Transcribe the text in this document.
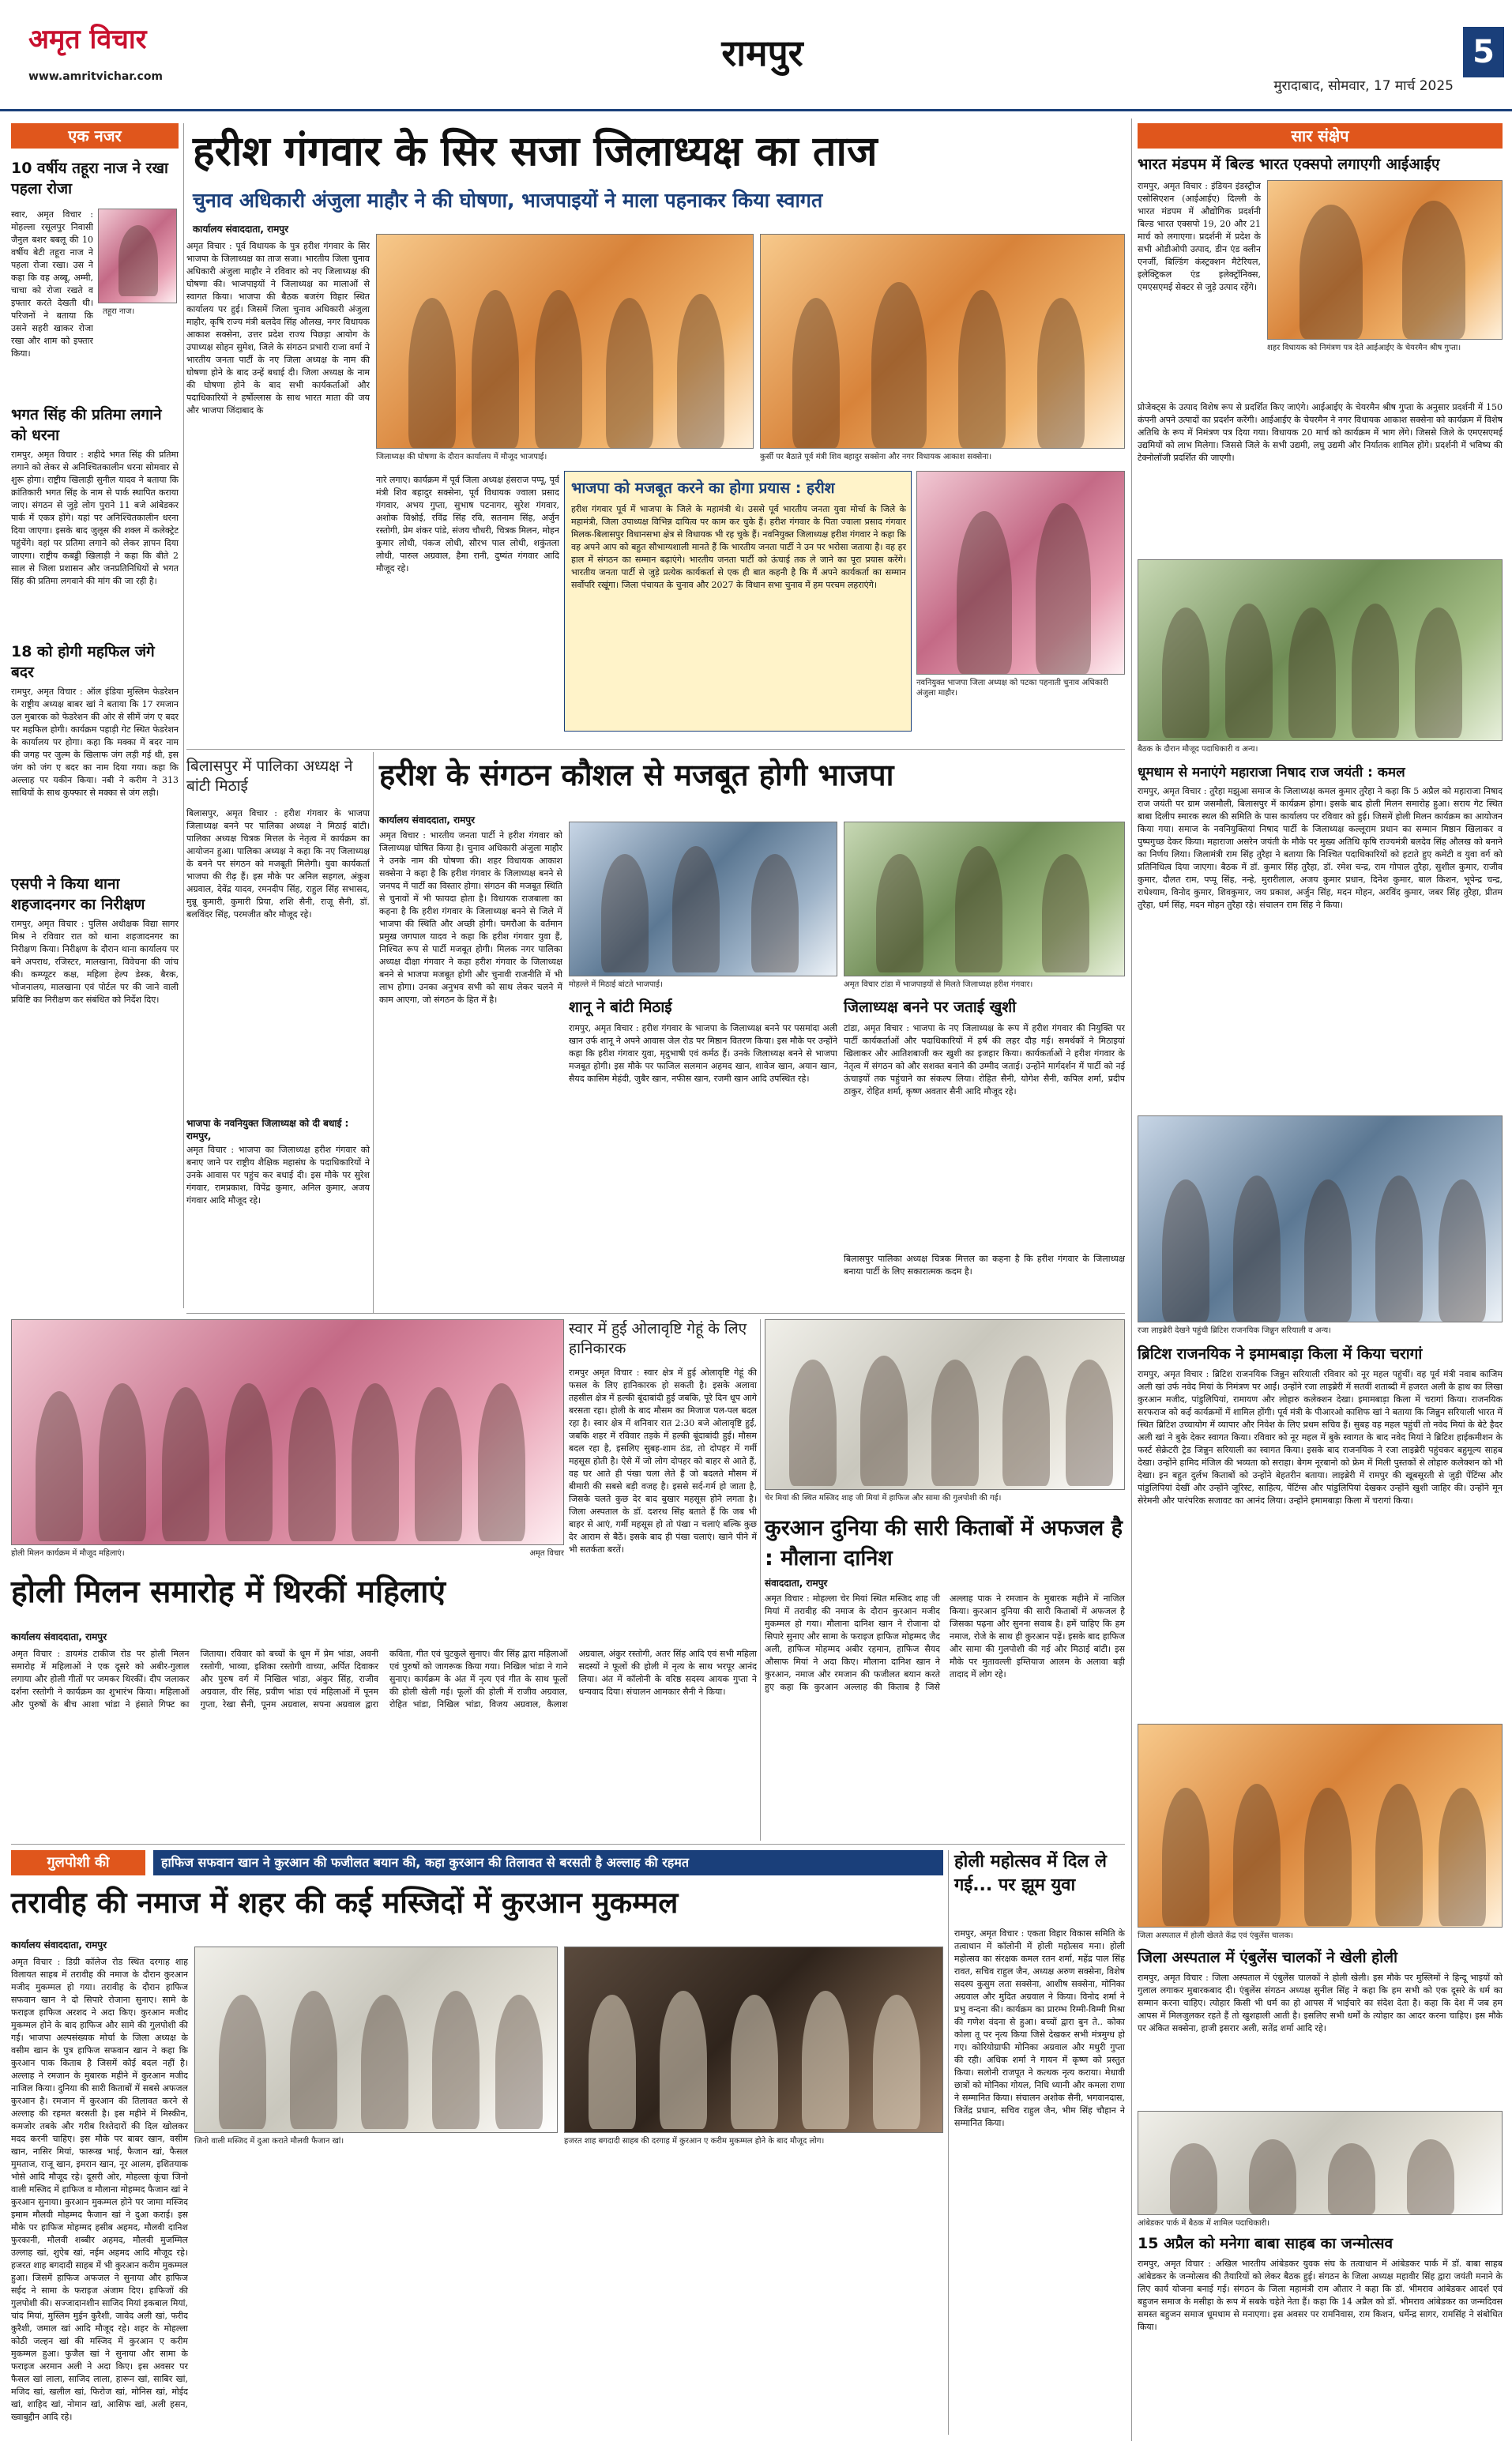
अमृत विचार
www.amritvichar.com
रामपुर
मुरादाबाद, सोमवार, 17 मार्च 2025
5
एक नजर
10 वर्षीय तहूरा नाज ने रखा पहला रोजा
तहूरा नाज।
स्वार, अमृत विचार : मोहल्ला रसूलपुर निवासी जैनुल बशर बबलू की 10 वर्षीय बेटी तहूरा नाज ने पहला रोजा रखा। उस ने कहा कि वह अब्बू, अम्मी, चाचा को रोजा रखते व इफ्तार करते देखती थी। परिजनों ने बताया कि उसने सहरी खाकर रोजा रखा और शाम को इफ्तार किया।
भगत सिंह की प्रतिमा लगाने को धरना
रामपुर, अमृत विचार : शहीदे भगत सिंह की प्रतिमा लगाने को लेकर से अनिश्चितकालीन धरना सोमवार से शुरू होगा। राष्ट्रीय खिलाड़ी सुनील यादव ने बताया कि क्रांतिकारी भगत सिंह के नाम से पार्क स्थापित कराया जाए। संगठन से जुड़े लोग पुराने 11 बजे आंबेडकर पार्क में एकत्र होंगे। यहां पर अनिश्चितकालीन धरना दिया जाएगा। इसके बाद जुलूस की शक्ल में कलेक्ट्रेट पहुंचेंगे। वहां पर प्रतिमा लगाने को लेकर ज्ञापन दिया जाएगा। राष्ट्रीय कबड्डी खिलाड़ी ने कहा कि बीते 2 साल से जिला प्रशासन और जनप्रतिनिधियों से भगत सिंह की प्रतिमा लगवाने की मांग की जा रही है।
18 को होगी महफिल जंगे बदर
रामपुर, अमृत विचार : ऑल इंडिया मुस्लिम फेडरेशन के राष्ट्रीय अध्यक्ष बाबर खां ने बताया कि 17 रमजान उल मुबारक को फेडरेशन की ओर से सीमें जंग ए बदर पर महफिल होगी। कार्यक्रम पहाड़ी गेट स्थित फेडरेशन के कार्यालय पर होगा। कहा कि मक्का में बदर नाम की जगह पर जुल्म के खिलाफ जंग लड़ी गई थी, इस जंग को जंग ए बदर का नाम दिया गया। कहा कि अल्लाह पर यकीन किया। नबी ने करीम ने 313 साथियों के साथ कुफ्फार से मक्का से जंग लड़ी।
एसपी ने किया थाना शहजादनगर का निरीक्षण
रामपुर, अमृत विचार : पुलिस अधीक्षक विद्या सागर मिश्र ने रविवार रात को थाना शहजादनगर का निरीक्षण किया। निरीक्षण के दौरान थाना कार्यालय पर बने अपराध, रजिस्टर, मालखाना, विवेचना की जांच की। कम्प्यूटर कक्ष, महिला हेल्प डेस्क, बैरक, भोजनालय, मालखाना एवं पोर्टल पर की जाने वाली प्रविष्टि का निरीक्षण कर संबंधित को निर्देश दिए।
हरीश गंगवार के सिर सजा जिलाध्यक्ष का ताज
चुनाव अधिकारी अंजुला माहौर ने की घोषणा, भाजपाइयों ने माला पहनाकर किया स्वागत
कार्यालय संवाददाता, रामपुर
अमृत विचार : पूर्व विधायक के पुत्र हरीश गंगवार के सिर भाजपा के जिलाध्यक्ष का ताज सजा। भारतीय जिला चुनाव अधिकारी अंजुला माहौर ने रविवार को नए जिलाध्यक्ष की घोषणा की। भाजपाइयों ने जिलाध्यक्ष का मालाओं से स्वागत किया। भाजपा की बैठक बजरंग विहार स्थित कार्यालय पर हुई। जिसमें जिला चुनाव अधिकारी अंजुला माहौर, कृषि राज्य मंत्री बलदेव सिंह औलख, नगर विधायक आकाश सक्सेना, उत्तर प्रदेश राज्य पिछड़ा आयोग के उपाध्यक्ष सोहन सुमेश, जिले के संगठन प्रभारी राजा वर्मा ने भारतीय जनता पार्टी के नए जिला अध्यक्ष के नाम की घोषणा होने के बाद उन्हें बधाई दी। जिला अध्यक्ष के नाम की घोषणा होने के बाद सभी कार्यकर्ताओं और पदाधिकारियों ने हर्षोल्लास के साथ भारत माता की जय और भाजपा जिंदाबाद के
जिलाध्यक्ष की घोषणा के दौरान कार्यालय में मौजूद भाजपाई।	कुर्सी पर बैठाते पूर्व मंत्री शिव बहादुर सक्सेना और नगर विधायक आकाश सक्सेना।
नारे लगाए। कार्यक्रम में पूर्व जिला अध्यक्ष हंसराज पप्पू, पूर्व मंत्री शिव बहादुर सक्सेना, पूर्व विधायक ज्वाला प्रसाद गंगवार, अभय गुप्ता, सुभाष पटनागर, सुरेश गंगवार, अशोक विश्नोई, रविंद्र सिंह रवि, सतनाम सिंह, अर्जुन रस्तोगी, प्रेम शंकर पांडे, संजय चौधरी, चित्रक मिलन, मोहन कुमार लोधी, पंकज लोधी, सौरभ पाल लोधी, शकुंतला लोधी, पारुल अग्रवाल, हैमा रानी, दुष्यंत गंगवार आदि मौजूद रहे।
भाजपा को मजबूत करने का होगा प्रयास : हरीश
हरीश गंगवार पूर्व में भाजपा के जिले के महामंत्री थे। उससे पूर्व भारतीय जनता युवा मोर्चा के जिले के महामंत्री, जिला उपाध्यक्ष विभिन्न दायित्व पर काम कर चुके हैं। हरीश गंगवार के पिता ज्वाला प्रसाद गंगवार मिलक-बिलासपुर विधानसभा क्षेत्र से विधायक भी रह चुके हैं। नवनियुक्त जिलाध्यक्ष हरीश गंगवार ने कहा कि वह अपने आप को बहुत सौभाग्यशाली मानते हैं कि भारतीय जनता पार्टी ने उन पर भरोसा जताया है। वह हर हाल में संगठन का सम्मान बढ़ाएंगे। भारतीय जनता पार्टी को ऊंचाई तक ले जाने का पूरा प्रयास करेंगे। भारतीय जनता पार्टी से जुड़े प्रत्येक कार्यकर्ता से एक ही बात कहनी है कि मैं अपने कार्यकर्ता का सम्मान सर्वोपरि रखूंगा। जिला पंचायत के चुनाव और 2027 के विधान सभा चुनाव में हम परचम लहराएंगे।
नवनियुक्त भाजपा जिला अध्यक्ष को पटका पहनाती चुनाव अधिकारी अंजुला माहौर।
बिलासपुर में पालिका अध्यक्ष ने बांटी मिठाई
बिलासपुर, अमृत विचार : हरीश गंगवार के भाजपा जिलाध्यक्ष बनने पर पालिका अध्यक्ष ने मिठाई बांटी। पालिका अध्यक्ष चित्रक मित्तल के नेतृत्व में कार्यक्रम का आयोजन हुआ। पालिका अध्यक्ष ने कहा कि नए जिलाध्यक्ष के बनने पर संगठन को मजबूती मिलेगी। युवा कार्यकर्ता भाजपा की रीढ़ हैं। इस मौके पर अनिल सहगल, अंकुश अग्रवाल, देवेंद्र यादव, रमनदीप सिंह, राहुल सिंह सभासद, मुन्नू कुमारी, कुमारी प्रिया, शशि सैनी, राजू सैनी, डॉ. बलविंदर सिंह, परमजीत कौर मौजूद रहे।
भाजपा के नवनियुक्त जिलाध्यक्ष को दी बधाई : रामपुर,
अमृत विचार : भाजपा का जिलाध्यक्ष हरीश गंगवार को बनाए जाने पर राष्ट्रीय शैक्षिक महासंघ के पदाधिकारियों ने उनके आवास पर पहुंच कर बधाई दी। इस मौके पर सुरेश गंगवार, रामप्रकाश, विपेंद्र कुमार, अनिल कुमार, अजय गंगवार आदि मौजूद रहे।
हरीश के संगठन कौशल से मजबूत होगी भाजपा
कार्यालय संवाददाता, रामपुर
अमृत विचार : भारतीय जनता पार्टी ने हरीश गंगवार को जिलाध्यक्ष घोषित किया है। चुनाव अधिकारी अंजुला माहौर ने उनके नाम की घोषणा की। शहर विधायक आकाश सक्सेना ने कहा है कि हरीश गंगवार के जिलाध्यक्ष बनने से जनपद में पार्टी का विस्तार होगा। संगठन की मजबूत स्थिति से चुनावों में भी फायदा होता है। विधायक राजबाला का कहना है कि हरीश गंगवार के जिलाध्यक्ष बनने से जिले में भाजपा की स्थिति और अच्छी होगी। चमरौआ के वर्तमान प्रमुख जगपाल यादव ने कहा कि हरीश गंगवार युवा हैं, निश्चित रूप से पार्टी मजबूत होगी। मिलक नगर पालिका अध्यक्ष दीक्षा गंगवार ने कहा हरीश गंगवार के जिलाध्यक्ष बनने से भाजपा मजबूत होगी और चुनावी राजनीति में भी लाभ होगा। उनका अनुभव सभी को साथ लेकर चलने में काम आएगा, जो संगठन के हित में है।
मोहल्ले में मिठाई बांटते भाजपाई।	अमृत विचार टांडा में भाजपाइयों से मिलते जिलाध्यक्ष हरीश गंगवार।
शानू ने बांटी मिठाई
रामपुर, अमृत विचार : हरीश गंगवार के भाजपा के जिलाध्यक्ष बनने पर पसमांदा अली खान उर्फ शानू ने अपने आवास जेल रोड पर मिष्ठान वितरण किया। इस मौके पर उन्होंने कहा कि हरीश गंगवार युवा, मृदुभाषी एवं कर्मठ हैं। उनके जिलाध्यक्ष बनने से भाजपा मजबूत होगी। इस मौके पर फाजिल सलमान अहमद खान, शावेज खान, अयान खान, सैयद कासिम मेहंदी, जुबैर खान, नफीस खान, रजमी खान आदि उपस्थित रहे।
जिलाध्यक्ष बनने पर जताई खुशी
टांडा, अमृत विचार : भाजपा के नए जिलाध्यक्ष के रूप में हरीश गंगवार की नियुक्ति पर पार्टी कार्यकर्ताओं और पदाधिकारियों में हर्ष की लहर दौड़ गई। समर्थकों ने मिठाइयां खिलाकर और आतिशबाजी कर खुशी का इजहार किया। कार्यकर्ताओं ने हरीश गंगवार के नेतृत्व में संगठन को और सशक्त बनाने की उम्मीद जताई। उन्होंने मार्गदर्शन में पार्टी को नई ऊंचाइयों तक पहुंचाने का संकल्प लिया। रोहित सैनी, योगेश सैनी, कपिल शर्मा, प्रदीप ठाकुर, रोहित शर्मा, कृष्ण अवतार सैनी आदि मौजूद रहे।
बिलासपुर पालिका अध्यक्ष चित्रक मित्तल का कहना है कि हरीश गंगवार के जिलाध्यक्ष बनाया पार्टी के लिए सकारात्मक कदम है।
होली मिलन कार्यक्रम में मौजूद महिलाएं।	अमृत विचार
होली मिलन समारोह में थिरकीं महिलाएं
कार्यालय संवाददाता, रामपुर
अमृत विचार : डायमंड टाकीज रोड पर होली मिलन समारोह में महिलाओं ने एक दूसरे को अबीर-गुलाल लगाया और होली गीतों पर जमकर थिरकीं। दीप जलाकर दर्शना रस्तोगी ने कार्यक्रम का शुभारंभ किया। महिलाओं और पुरुषों के बीच आशा भांडा ने हंसाते गिफ्ट का जिताया। रविवार को बच्चों के धूम में प्रेम भांडा, अवनी रस्तोगी, भाव्या, इशिका रस्तोगी वाच्या, अर्पित दिवाकर और पुरुष वर्ग में निखिल भांडा, अंकुर सिंह, राजीव अग्रवाल, वीर सिंह, प्रवीण भांडा एवं महिलाओं में पूनम गुप्ता, रेखा सैनी, पूनम अग्रवाल, सपना अग्रवाल द्वारा कविता, गीत एवं चुटकुले सुनाए। वीर सिंह द्वारा महिलाओं एवं पुरुषों को जागरूक किया गया। निखिल भांडा ने गाने सुनाए। कार्यक्रम के अंत में नृत्य एवं गीत के साथ फूलों की होली खेली गई। फूलों की होली में राजीव अग्रवाल, रोहित भांडा, निखिल भांडा, विजय अग्रवाल, कैलाश अग्रवाल, अंकुर रस्तोगी, अतर सिंह आदि एवं सभी महिला सदस्यों ने फूलों की होली में नृत्य के साथ भरपूर आनंद लिया। अंत में कॉलोनी के वरिष्ठ सदस्य आयक गुप्ता ने धन्यवाद दिया। संचालन आमकार सैनी ने किया।
स्वार में हुई ओलावृष्टि गेहूं के लिए हानिकारक
रामपुर अमृत विचार : स्वार क्षेत्र में हुई ओलावृष्टि गेहूं की फसल के लिए हानिकारक हो सकती है। इसके अलावा तहसील क्षेत्र में हल्की बूंदाबांदी हुई जबकि, पूरे दिन धूप आगे बरसता रहा। होली के बाद मौसम का मिजाज पल-पल बदल रहा है। स्वार क्षेत्र में शनिवार रात 2:30 बजे ओलावृष्टि हुई, जबकि शहर में रविवार तड़के में हल्की बूंदाबांदी हुई। मौसम बदल रहा है, इसलिए सुबह-शाम ठंड, तो दोपहर में गर्मी महसूस होती है। ऐसे में जो लोग दोपहर को बाहर से आते हैं, वह घर आते ही पंखा चला लेते हैं जो बदलते मौसम में बीमारी की सबसे बड़ी वजह है। इससे सर्द-गर्म हो जाता है, जिसके चलते कुछ देर बाद बुखार महसूस होने लगता है। जिला अस्पताल के डॉ. दशरथ सिंह बताते हैं कि जब भी बाहर से आएं, गर्मी महसूस हो तो पंखा न चलाएं बल्कि कुछ देर आराम से बैठें। इसके बाद ही पंखा चलाएं। खाने पीने में भी सतर्कता बरतें।
चेर मियां की स्थित मस्जिद शाह जी मियां में हाफिज और सामा की गुलपोशी की गई।
कुरआन दुनिया की सारी किताबों में अफजल है : मौलाना दानिश
संवाददाता, रामपुर
अमृत विचार : मोहल्ला चेर मियां स्थित मस्जिद शाह जी मियां में तरावीह की नमाज के दौरान कुरआन मजीद मुकम्मल हो गया। मौलाना दानिश खान ने रोजाना दो सिपारे सुनाए और सामा के फराइज हाफिज मोहम्मद जैद अली, हाफिज मोहम्मद अबीर रहमान, हाफिज सैयद औसाफ मियां ने अदा किए। मौलाना दानिश खान ने कुरआन, नमाज और रमजान की फजीलत बयान करते हुए कहा कि कुरआन अल्लाह की किताब है जिसे अल्लाह पाक ने रमजान के मुबारक महीने में नाजिल किया। कुरआन दुनिया की सारी किताबों में अफजल है जिसका पढ़ना और सुनना सवाब है। हमें चाहिए कि हम नमाज, रोजे के साथ ही कुरआन पढ़ें। इसके बाद हाफिज और सामा की गुलपोशी की गई और मिठाई बांटी। इस मौके पर मुतावल्ली इम्तियाज आलम के अलावा बड़ी तादाद में लोग रहे।
गुलपोशी की	हाफिज सफवान खान ने कुरआन की फजीलत बयान की, कहा कुरआन की तिलावत से बरसती है अल्लाह की रहमत
तरावीह की नमाज में शहर की कई मस्जिदों में कुरआन मुकम्मल
कार्यालय संवाददाता, रामपुर
जिनो वाली मस्जिद में दुआ कराते मौलवी फैजान खां।	हजरत शाह बगदादी साहब की दरगाह में कुरआन ए करीम मुकम्मल होने के बाद मौजूद लोग।
अमृत विचार : डिग्री कॉलेज रोड स्थित दरगाह शाह विलायत साहब में तरावीह की नमाज के दौरान कुरआन मजीद मुकम्मल हो गया। तरावीह के दौरान हाफिज सफवान खान ने दो सिपारे रोजाना सुनाए। सामे के फराइज हाफिज अरशद ने अदा किए। कुरआन मजीद मुकम्मल होने के बाद हाफिज और सामे की गुलपोशी की गई। भाजपा अल्पसंख्यक मोर्चा के जिला अध्यक्ष के वसीम खान के पुत्र हाफिज सफवान खान ने कहा कि कुरआन पाक किताब है जिसमें कोई बदल नहीं है। अल्लाह ने रमजान के मुबारक महीने में कुरआन मजीद नाजिल किया। दुनिया की सारी किताबों में सबसे अफजल कुरआन है। रमजान में कुरआन की तिलावत करने से अल्लाह की रहमत बरसती है। इस महीने में मिस्कीन, कमजोर तबके और गरीब रिश्तेदारों की दिल खोलकर मदद करनी चाहिए। इस मौके पर बाबर खान, वसीम खान, नासिर मियां, फारूख भाई, फैजान खां, फैसल मुमताज, राजू खान, इमरान खान, नूर आलम, इशितयाक भोसे आदि मौजूद रहे। दूसरी ओर, मोहल्ला कूंचा जिनो वाली मस्जिद में हाफिज व मौलाना मोहम्मद फैजान खां ने कुरआन सुनाया। कुरआन मुकम्मल होने पर जामा मस्जिद इमाम मौलवी मोहम्मद फैजान खां ने दुआ कराई। इस मौके पर हाफिज मोहम्मद हसीब अहमद, मौलवी दानिश फुरकानी, मौलवी शब्बीर अहमद, मौलवी मुजम्मिल उल्लाह खां, शुऐब खां, नईम अहमद आदि मौजूद रहे। हजरत शाह बगदादी साहब में भी कुरआन करीम मुकम्मल हुआ। जिसमें हाफिज अफजल ने सुनाया और हाफिज सईद ने सामा के फराइज अंजाम दिए। हाफिजों की गुलपोशी की। सज्जादानशीन साजिद मियां इकबाल मियां, चांद मियां, मुस्लिम मुईन कुरैशी, जावेद अली खां, फरीद कुरैशी, जमाल खां आदि मौजूद रहे। शहर के मोहल्ला कोठी जल्हन खां की मस्जिद में कुरआन ए करीम मुकम्मल हुआ। फुजैल खां ने सुनाया और सामा के फराइज अरमान अली ने अदा किए। इस अवसर पर फैसल खां लाला, साजिद लाला, हारून खां, साबिर खां, मजिद खां, खलील खां, फिरोज खां, मोनिस खां, मोईद खां, शाहिद खां, नोमान खां, आसिफ खां, अली हसन, ख्वाबुद्दीन आदि रहे।
होली महोत्सव में दिल ले गई... पर झूम युवा
रामपुर, अमृत विचार : एकता विहार विकास समिति के तत्वाधान में कॉलोनी में होली महोत्सव मना। होली महोत्सव का संरक्षक कमल रतन शर्मा, महेंद्र पाल सिंह रावत, सचिव राहुल जैन, अध्यक्ष अरुण सक्सेना, विशेष सदस्य कुसुम लता सक्सेना, आशीष सक्सेना, मोनिका अग्रवाल और मुदित अग्रवाल ने किया। विनोद शर्मा ने प्रभु वन्दना की। कार्यक्रम का प्रारम्भ रिम्मी-विम्मी मिश्रा की गणेश वंदना से हुआ। बच्चों द्वारा बुन ते.. कोका कोला तू पर नृत्य किया जिसे देखकर सभी मंत्रमुग्ध हो गए। कोरियोग्राफी मोनिका अग्रवाल और मधुरी गुप्ता की रही। अधिक शर्मा ने गायन में कृष्ण को प्रस्तुत किया। सलोनी राजपूत ने कत्थक नृत्य कराया। मेधावी छात्रों को मोनिका गोयल, निधि ध्यानी और कमला राणा ने सम्मानित किया। संचालन अशोक सैनी, भगवानदास, जितेंद्र प्रधान, सचिव राहुल जैन, भीम सिंह चौहान ने सम्मानित किया।
सार संक्षेप
भारत मंडपम में बिल्ड भारत एक्सपो लगाएगी आईआईए
रामपुर, अमृत विचार : इंडियन इंडस्ट्रीज एसोसिएशन (आईआईए) दिल्ली के भारत मंडपम में औद्योगिक प्रदर्शनी बिल्ड भारत एक्सपो 19, 20 और 21 मार्च को लगाएगा। प्रदर्शनी में प्रदेश के सभी ओडीओपी उत्पाद, डीन एंड क्लीन एनर्जी, बिल्डिंग कंस्ट्रक्शन मैटेरियल, इलेक्ट्रिकल एंड इलेक्ट्रॉनिक्स, एमएसएमई सेक्टर से जुड़े उत्पाद रहेंगे।
शहर विधायक को निमंत्रण पत्र देते आईआईए के चेयरमैन श्रीष गुप्ता।
प्रोजेक्ट्स के उत्पाद विशेष रूप से प्रदर्शित किए जाएंगे। आईआईए के चेयरमैन श्रीष गुप्ता के अनुसार प्रदर्शनी में 150 कंपनी अपने उत्पादों का प्रदर्शन करेंगी। आईआईए के चेयरमैन ने नगर विधायक आकाश सक्सेना को कार्यक्रम में विशेष अतिथि के रूप में निमंत्रण पत्र दिया गया। विधायक 20 मार्च को कार्यक्रम में भाग लेंगे। जिससे जिले के एमएसएमई उद्यमियों को लाभ मिलेगा। जिससे जिले के सभी उद्यमी, लघु उद्यमी और निर्यातक शामिल होंगे। प्रदर्शनी में भविष्य की टेक्नोलॉजी प्रदर्शित की जाएगी।
बैठक के दौरान मौजूद पदाधिकारी व अन्य।
धूमधाम से मनाएंगे महाराजा निषाद राज जयंती : कमल
रामपुर, अमृत विचार : तुरैहा मझुआ समाज के जिलाध्यक्ष कमल कुमार तुरैहा ने कहा कि 5 अप्रैल को महाराजा निषाद राज जयंती पर ग्राम जसमौली, बिलासपुर में कार्यक्रम होगा। इसके बाद होली मिलन समारोह हुआ। सराय गेट स्थित बाबा दिलीप स्मारक स्थल की समिति के पास कार्यालय पर रविवार को हुई। जिसमें होली मिलन कार्यक्रम का आयोजन किया गया। समाज के नवनियुक्तियां निषाद पार्टी के जिलाध्यक्ष कल्लूराम प्रधान का सम्मान मिष्ठान खिलाकर व पुष्पगुच्छ देकर किया। महाराजा असरेन जयंती के मौके पर मुख्य अतिथि कृषि राज्यमंत्री बलदेव सिंह औलख को बनाने का निर्णय लिया। जिलामंत्री राम सिंह तुरैहा ने बताया कि निश्चित पदाधिकारियों को हटाते हुए कमेटी व युवा वर्ग को प्रतिनिधित्व दिया जाएगा। बैठक में डॉ. कुमार सिंह तुरैहा, डॉ. रमेश चन्द्र, राम गोपाल तुरैहा, सुशील कुमार, राजीव कुमार, दौलत राम, पप्पू सिंह, नन्हे, मुरारीलाल, अजय कुमार प्रधान, दिनेश कुमार, बाल किशन, भूपेन्द्र चन्द्र, राधेश्याम, विनोद कुमार, शिवकुमार, जय प्रकाश, अर्जुन सिंह, मदन मोहन, अरविंद कुमार, जबर सिंह तुरैहा, प्रीतम तुरैहा, धर्म सिंह, मदन मोहन तुरैहा रहे। संचालन राम सिंह ने किया।
रजा लाइब्रेरी देखने पहुंची ब्रिटिश राजनयिक जिन्नुन सरियाली व अन्य।
ब्रिटिश राजनयिक ने इमामबाड़ा किला में किया चरागां
रामपुर, अमृत विचार : ब्रिटिश राजनयिक जिन्नुन सरियाली रविवार को नूर महल पहुंचीं। वह पूर्व मंत्री नवाब काजिम अली खां उर्फ नवेद मियां के निमंत्रण पर आईं। उन्होंने रजा लाइब्रेरी में सतवीं शताब्दी में हजरत अली के हाथ का लिखा कुरआन मजीद, पांडुलिपियां, रामायण और लोहारु कलेक्शन देखा। इमामबाड़ा किला में चरागां किया। राजनयिक सरफराज को कई कार्यक्रमों में शामिल होंगी। पूर्व मंत्री के पीआरओ काशिफ खां ने बताया कि जिन्नुन सरियाली भारत में स्थित ब्रिटिश उच्चायोग में व्यापार और निवेश के लिए प्रथम सचिव हैं। सुबह वह महल पहुंचीं तो नवेद मियां के बेटे हैदर अली खां ने बुके देकर स्वागत किया। रविवार को नूर महल में बुके स्वागत के बाद नवेद मियां ने ब्रिटिश हाईकमीशन के फर्स्ट सेक्रेटरी ट्रेड जिन्नुन सरियाली का स्वागत किया। इसके बाद राजनयिक ने रजा लाइब्रेरी पहुंचकर बहुमूल्य साहब देखा। उन्होंने हामिद मंजिल की भव्यता को सराहा। बेगम नूरबानो को फ्रेम में मिली पुस्तकों से लोहारु कलेक्शन को भी देखा। इन बहुत दुर्लभ किताबों को उन्होंने बेहतरीन बताया। लाइब्रेरी में रामपुर की खूबसूरती से जुड़ी पेंटिंग्स और पांडुलिपियां देखीं और उन्होंने जूरिस्ट, साहित्य, पेंटिंग्स और पांडुलिपियां देखकर उन्होंने खुशी जाहिर की। उन्होंने मून सेरेमनी और पारंपरिक सजावट का आनंद लिया। उन्होंने इमामबाड़ा किला में चरागां किया।
जिला अस्पताल में होली खेलते केंद्र एवं एंबुलेंस चालक।
जिला अस्पताल में एंबुलेंस चालकों ने खेली होली
रामपुर, अमृत विचार : जिला अस्पताल में एंबुलेंस चालकों ने होली खेली। इस मौके पर मुस्लिमों ने हिन्दू भाइयों को गुलाल लगाकर मुबारकबाद दी। एंबुलेंस संगठन अध्यक्ष सुनील सिंह ने कहा कि हम सभी को एक दूसरे के धर्म का सम्मान करना चाहिए। त्योहार किसी भी धर्म का हो आपस में भाईचारे का संदेश देता है। कहा कि देश में जब हम आपस में मिलजुलकर रहते हैं तो खुशहाली आती है। इसलिए सभी धर्मों के त्योहार का आदर करना चाहिए। इस मौके पर अंकित सक्सेना, हाजी इसरार अली, सतेंद्र शर्मा आदि रहे।
आंबेडकर पार्क में बैठक में शामिल पदाधिकारी।
15 अप्रैल को मनेगा बाबा साहब का जन्मोत्सव
रामपुर, अमृत विचार : अखिल भारतीय आंबेडकर युवक संघ के तत्वाधान में आंबेडकर पार्क में डॉ. बाबा साहब आंबेडकर के जन्मोत्सव की तैयारियों को लेकर बैठक हुई। संगठन के जिला अध्यक्ष महावीर सिंह द्वारा जयंती मनाने के लिए कार्य योजना बनाई गई। संगठन के जिला महामंत्री राम औतार ने कहा कि डॉ. भीमराव आंबेडकर आदर्श एवं बहुजन समाज के मसीहा के रूप में सबके चहेते नेता हैं। कहा कि 14 अप्रैल को डॉ. भीमराव आंबेडकर का जन्मदिवस समस्त बहुजन समाज धूमधाम से मनाएगा। इस अवसर पर रामनिवास, राम किशन, धर्मेन्द्र सागर, रामसिंह ने संबोधित किया।
